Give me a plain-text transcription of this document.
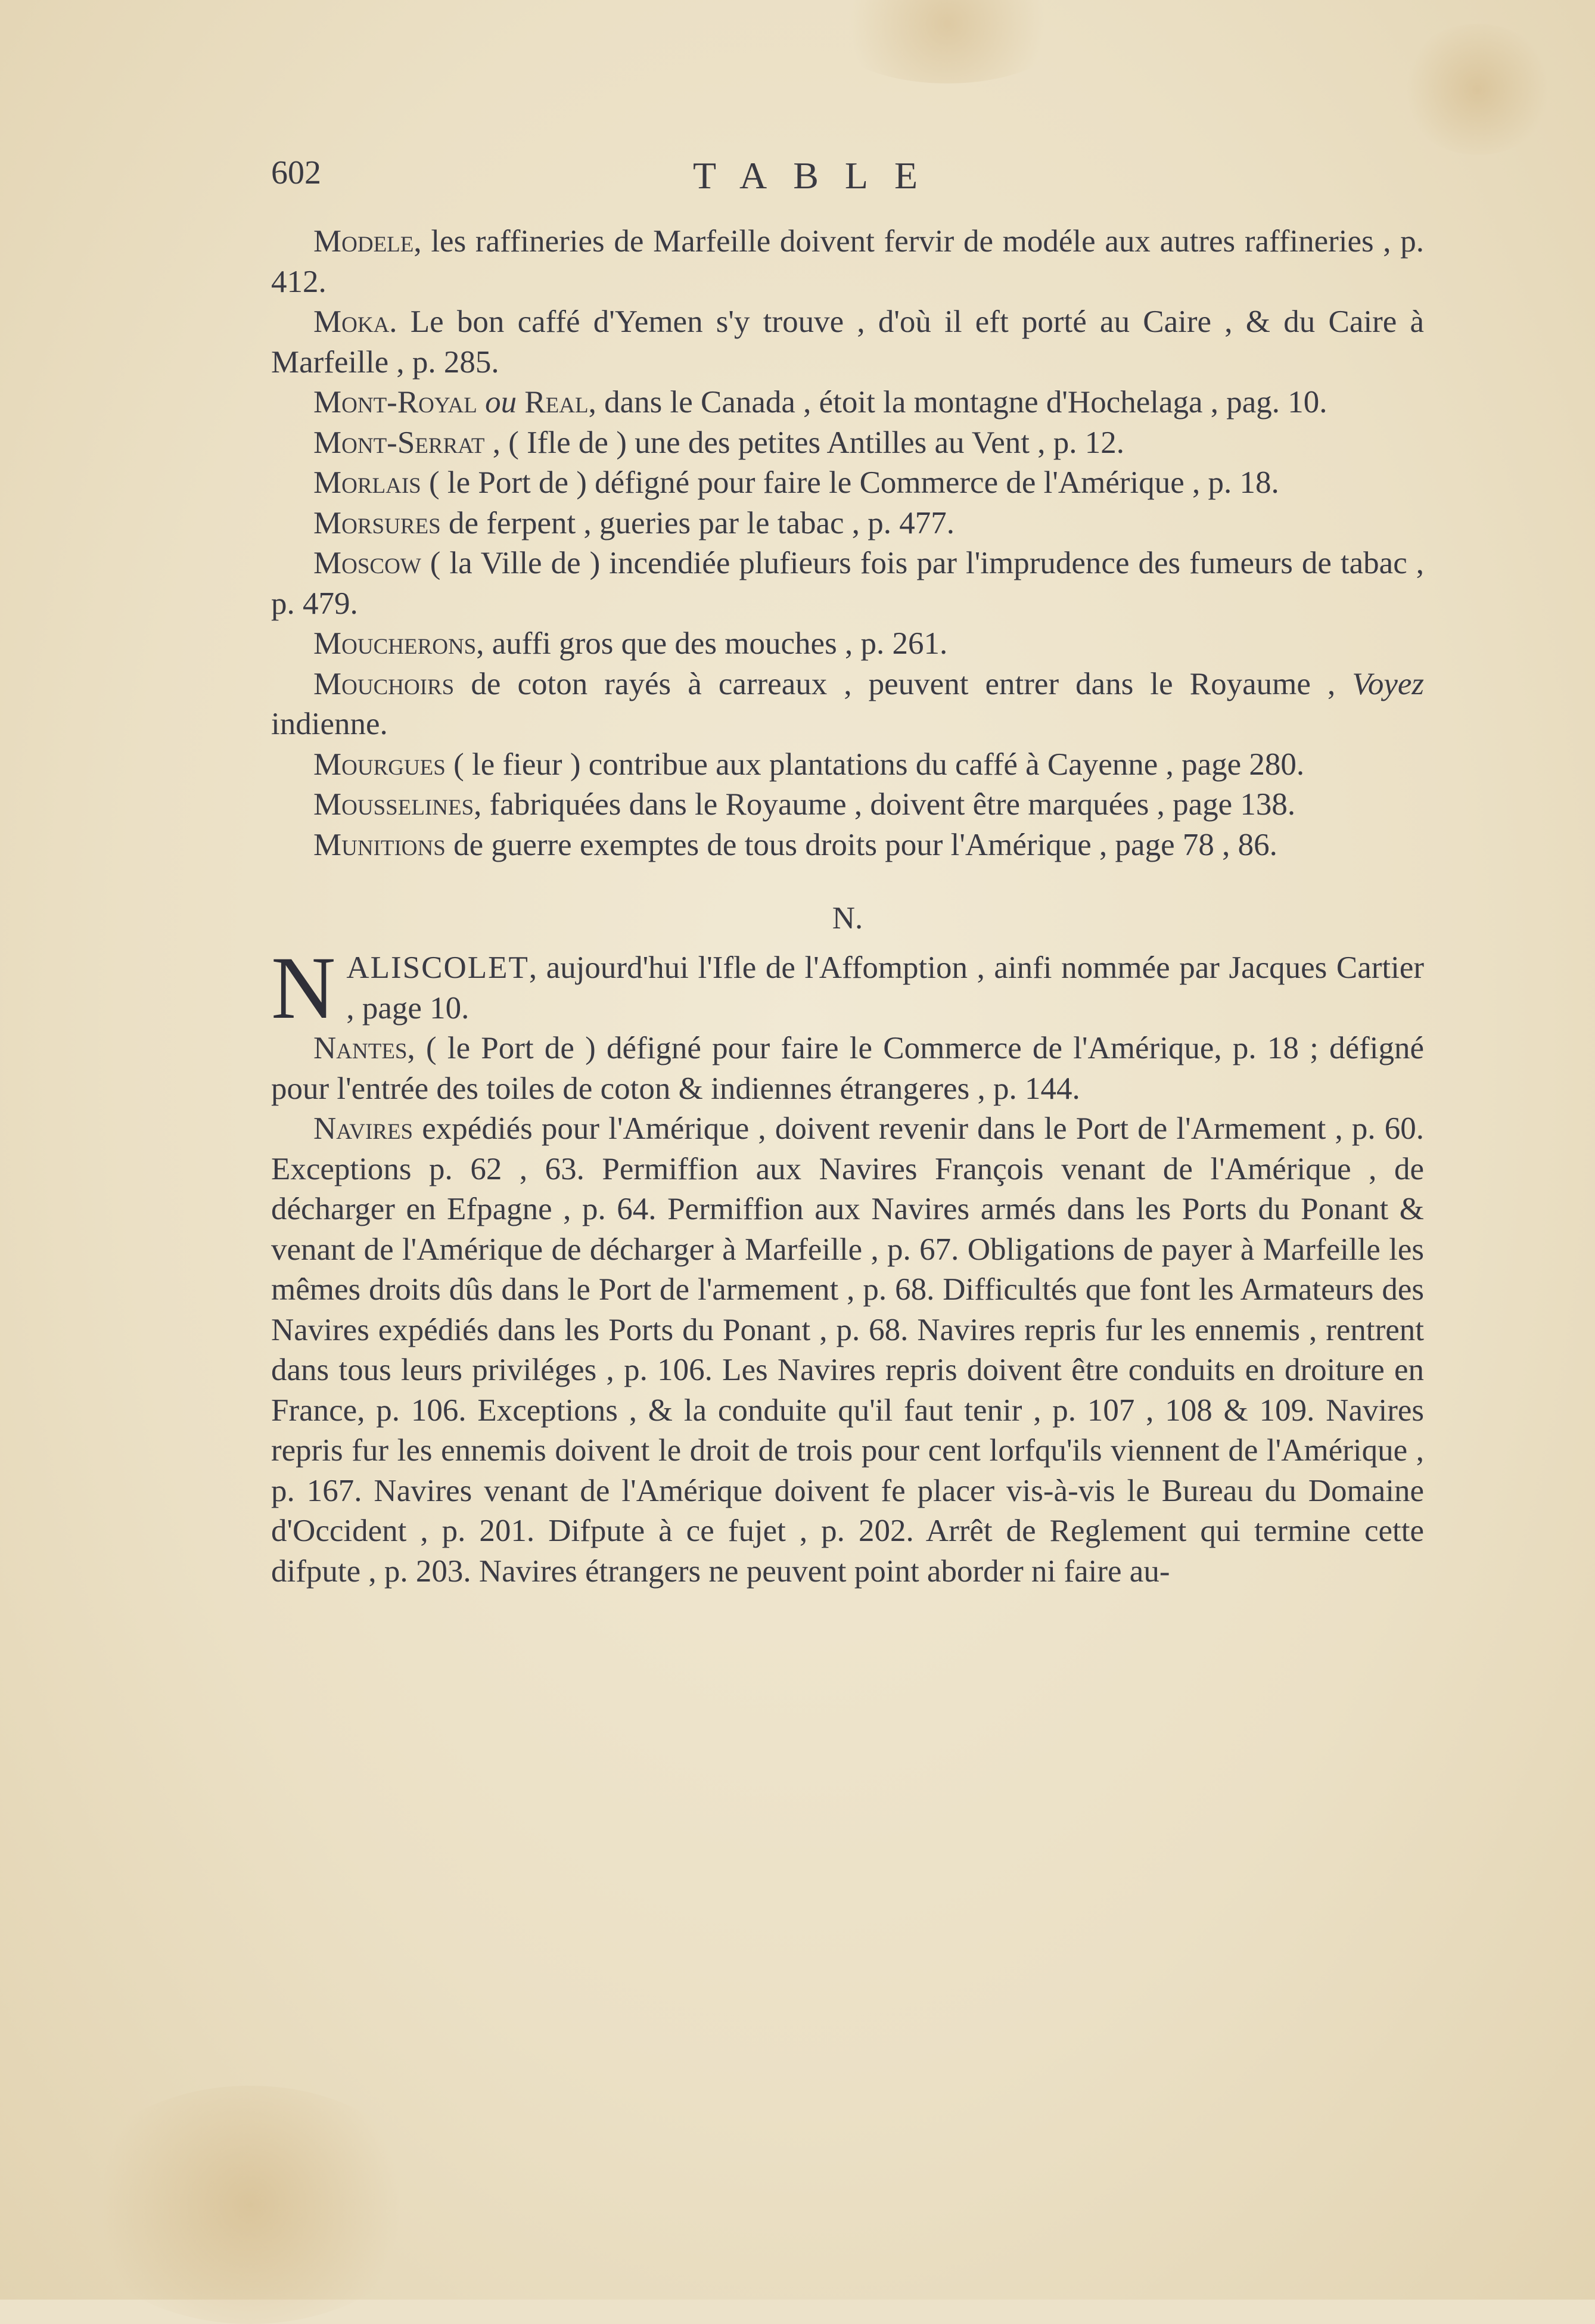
602	TABLE

Modele, les raffineries de Marfeille doivent fervir de modéle aux autres raffineries , p. 412.

Moka. Le bon caffé d'Yemen s'y trouve , d'où il eft porté au Caire , & du Caire à Marfeille , p. 285.

Mont-Royal ou Real, dans le Canada , étoit la montagne d'Hochelaga , pag. 10.

Mont-Serrat , ( Ifle de ) une des petites Antilles au Vent , p. 12.

Morlais ( le Port de ) défigné pour faire le Commerce de l'Amérique , p. 18.

Morsures de ferpent , gueries par le tabac , p. 477.

Moscow ( la Ville de ) incendiée plufieurs fois par l'imprudence des fumeurs de tabac , p. 479.

Moucherons, auffi gros que des mouches , p. 261.

Mouchoirs de coton rayés à carreaux , peuvent entrer dans le Royaume , Voyez indienne.

Mourgues ( le fieur ) contribue aux plantations du caffé à Cayenne , page 280.

Mousselines, fabriquées dans le Royaume , doivent être marquées , page 138.

Munitions de guerre exemptes de tous droits pour l'Amérique , page 78 , 86.

N.

NALISCOLET, aujourd'hui l'Ifle de l'Affomption , ainfi nommée par Jacques Cartier , page 10.

Nantes, ( le Port de ) défigné pour faire le Commerce de l'Amérique, p. 18 ; défigné pour l'entrée des toiles de coton & indiennes étrangeres , p. 144.

Navires expédiés pour l'Amérique , doivent revenir dans le Port de l'Armement , p. 60. Exceptions p. 62 , 63. Permiffion aux Navires François venant de l'Amérique , de décharger en Efpagne , p. 64. Permiffion aux Navires armés dans les Ports du Ponant & venant de l'Amérique de décharger à Marfeille , p. 67. Obligations de payer à Marfeille les mêmes droits dûs dans le Port de l'armement , p. 68. Difficultés que font les Armateurs des Navires expédiés dans les Ports du Ponant , p. 68. Navires repris fur les ennemis , rentrent dans tous leurs priviléges , p. 106. Les Navires repris doivent être conduits en droiture en France, p. 106. Exceptions , & la conduite qu'il faut tenir , p. 107 , 108 & 109. Navires repris fur les ennemis doivent le droit de trois pour cent lorfqu'ils viennent de l'Amérique , p. 167. Navires venant de l'Amérique doivent fe placer vis-à-vis le Bureau du Domaine d'Occident , p. 201. Difpute à ce fujet , p. 202. Arrêt de Reglement qui termine cette difpute , p. 203. Navires étrangers ne peuvent point aborder ni faire au-
